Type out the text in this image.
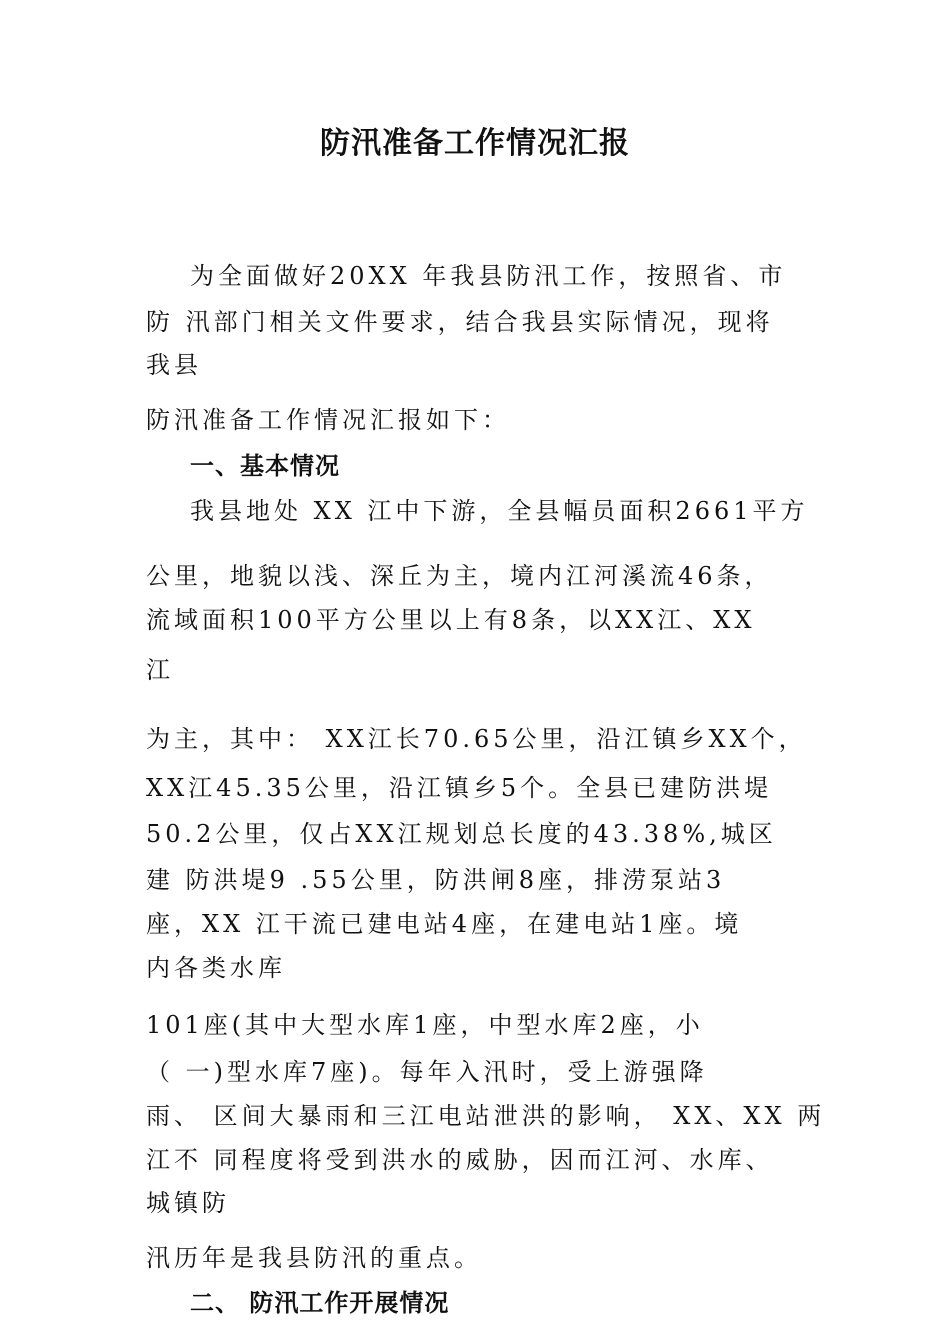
防汛准备工作情况汇报
为全面做好20XX 年我县防汛工作，按照省、市
防 汛部门相关文件要求，结合我县实际情况，现将
我县
防汛准备工作情况汇报如下：
一、基本情况
我县地处 XX 江中下游，全县幅员面积2661平方
公里，地貌以浅、深丘为主，境内江河溪流46条，
流域面积100平方公里以上有8条，以XX江、XX
江
为主，其中： XX江长70.65公里，沿江镇乡XX个，
XX江45.35公里，沿江镇乡5个。全县已建防洪堤
50.2公里，仅占XX江规划总长度的43.38%,城区
建 防洪堤9 .55公里，防洪闸8座，排涝泵站3
座，XX 江干流已建电站4座，在建电站1座。境
内各类水库
101座(其中大型水库1座，中型水库2座，小
（ 一)型水库7座)。每年入汛时，受上游强降
雨、 区间大暴雨和三江电站泄洪的影响， XX、XX 两
江不 同程度将受到洪水的威胁，因而江河、水库、
城镇防
汛历年是我县防汛的重点。
二、 防汛工作开展情况
